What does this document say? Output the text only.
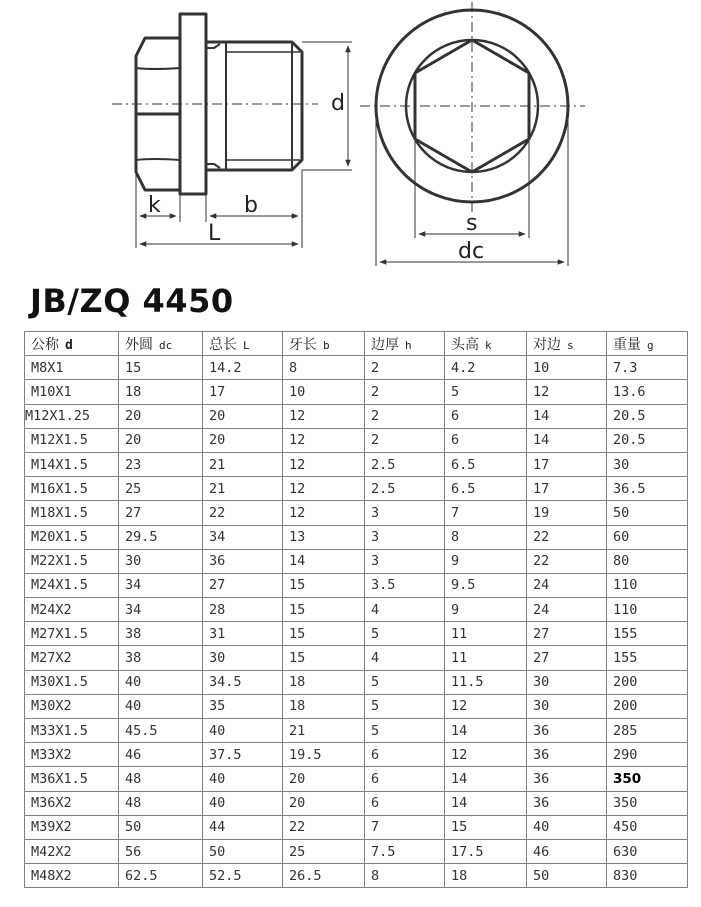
d
k	b
L	s
dc
JB/ZQ 4450
公称 d	外圆 dc	总长 L	牙长 b	边厚 h	头高 k	对边 s	重量 g
M8X1	15	14.2	8	2	4.2	10	7.3
M10X1	18	17	10	2	5	12	13.6
M12X1.25	20	20	12	2	6	14	20.5
M12X1.5	20	20	12	2	6	14	20.5
M14X1.5	23	21	12	2.5	6.5	17	30
M16X1.5	25	21	12	2.5	6.5	17	36.5
M18X1.5	27	22	12	3	7	19	50
M20X1.5	29.5	34	13	3	8	22	60
M22X1.5	30	36	14	3	9	22	80
M24X1.5	34	27	15	3.5	9.5	24	110
M24X2	34	28	15	4	9	24	110
M27X1.5	38	31	15	5	11	27	155
M27X2	38	30	15	4	11	27	155
M30X1.5	40	34.5	18	5	11.5	30	200
M30X2	40	35	18	5	12	30	200
M33X1.5	45.5	40	21	5	14	36	285
M33X2	46	37.5	19.5	6	12	36	290
M36X1.5	48	40	20	6	14	36	350
M36X2	48	40	20	6	14	36	350
M39X2	50	44	22	7	15	40	450
M42X2	56	50	25	7.5	17.5	46	630
M48X2	62.5	52.5	26.5	8	18	50	830
